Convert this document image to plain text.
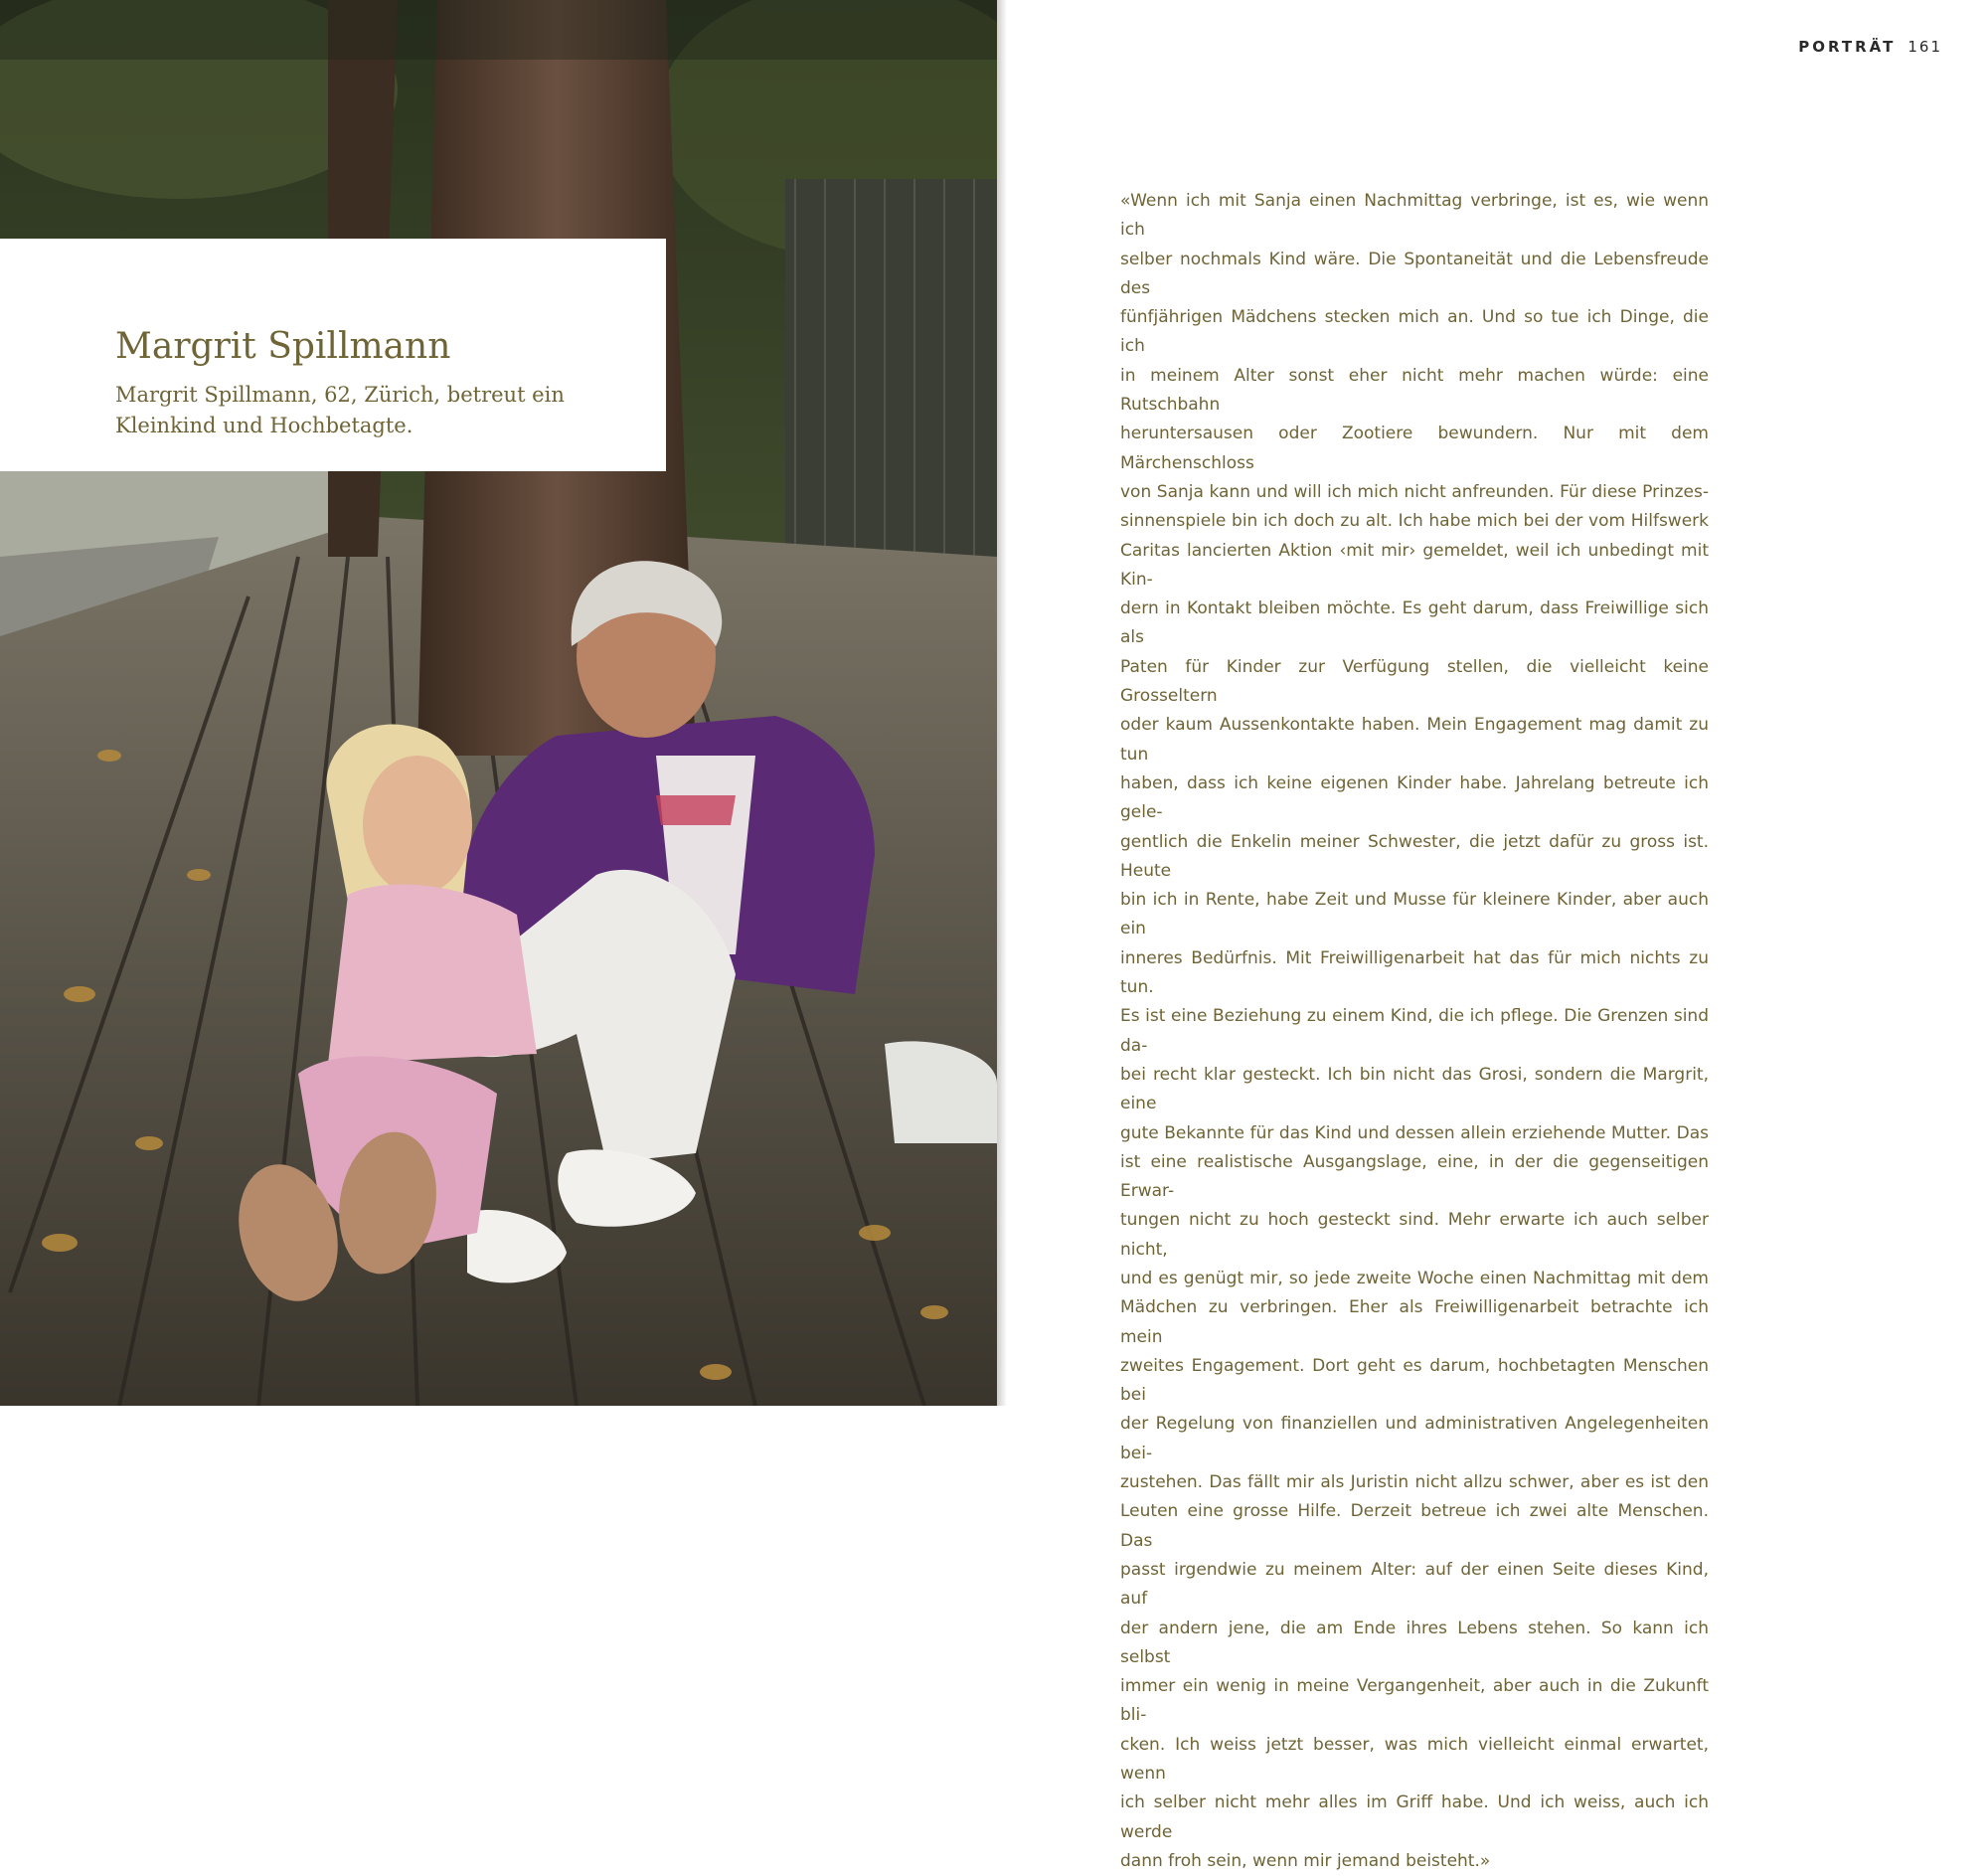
Margrit Spillmann

Margrit Spillmann, 62, Zürich, betreut ein Kleinkind und Hochbetagte.

PORTRÄT 161
«Wenn ich mit Sanja einen Nachmittag verbringe, ist es, wie wenn ich
selber nochmals Kind wäre. Die Spontaneität und die Lebensfreude des
fünfjährigen Mädchens stecken mich an. Und so tue ich Dinge, die ich
in meinem Alter sonst eher nicht mehr machen würde: eine Rutschbahn
heruntersausen oder Zootiere bewundern. Nur mit dem Märchenschloss
von Sanja kann und will ich mich nicht anfreunden. Für diese Prinzes-
sinnenspiele bin ich doch zu alt. Ich habe mich bei der vom Hilfswerk
Caritas lancierten Aktion ‹mit mir› gemeldet, weil ich unbedingt mit Kin-
dern in Kontakt bleiben möchte. Es geht darum, dass Freiwillige sich als
Paten für Kinder zur Verfügung stellen, die vielleicht keine Grosseltern
oder kaum Aussenkontakte haben. Mein Engagement mag damit zu tun
haben, dass ich keine eigenen Kinder habe. Jahrelang betreute ich gele-
gentlich die Enkelin meiner Schwester, die jetzt dafür zu gross ist. Heute
bin ich in Rente, habe Zeit und Musse für kleinere Kinder, aber auch ein
inneres Bedürfnis. Mit Freiwilligenarbeit hat das für mich nichts zu tun.
Es ist eine Beziehung zu einem Kind, die ich pflege. Die Grenzen sind da-
bei recht klar gesteckt. Ich bin nicht das Grosi, sondern die Margrit, eine
gute Bekannte für das Kind und dessen allein erziehende Mutter. Das
ist eine realistische Ausgangslage, eine, in der die gegenseitigen Erwar-
tungen nicht zu hoch gesteckt sind. Mehr erwarte ich auch selber nicht,
und es genügt mir, so jede zweite Woche einen Nachmittag mit dem
Mädchen zu verbringen. Eher als Freiwilligenarbeit betrachte ich mein
zweites Engagement. Dort geht es darum, hochbetagten Menschen bei
der Regelung von finanziellen und administrativen Angelegenheiten bei-
zustehen. Das fällt mir als Juristin nicht allzu schwer, aber es ist den
Leuten eine grosse Hilfe. Derzeit betreue ich zwei alte Menschen. Das
passt irgendwie zu meinem Alter: auf der einen Seite dieses Kind, auf
der andern jene, die am Ende ihres Lebens stehen. So kann ich selbst
immer ein wenig in meine Vergangenheit, aber auch in die Zukunft bli-
cken. Ich weiss jetzt besser, was mich vielleicht einmal erwartet, wenn
ich selber nicht mehr alles im Griff habe. Und ich weiss, auch ich werde
dann froh sein, wenn mir jemand beisteht.»
